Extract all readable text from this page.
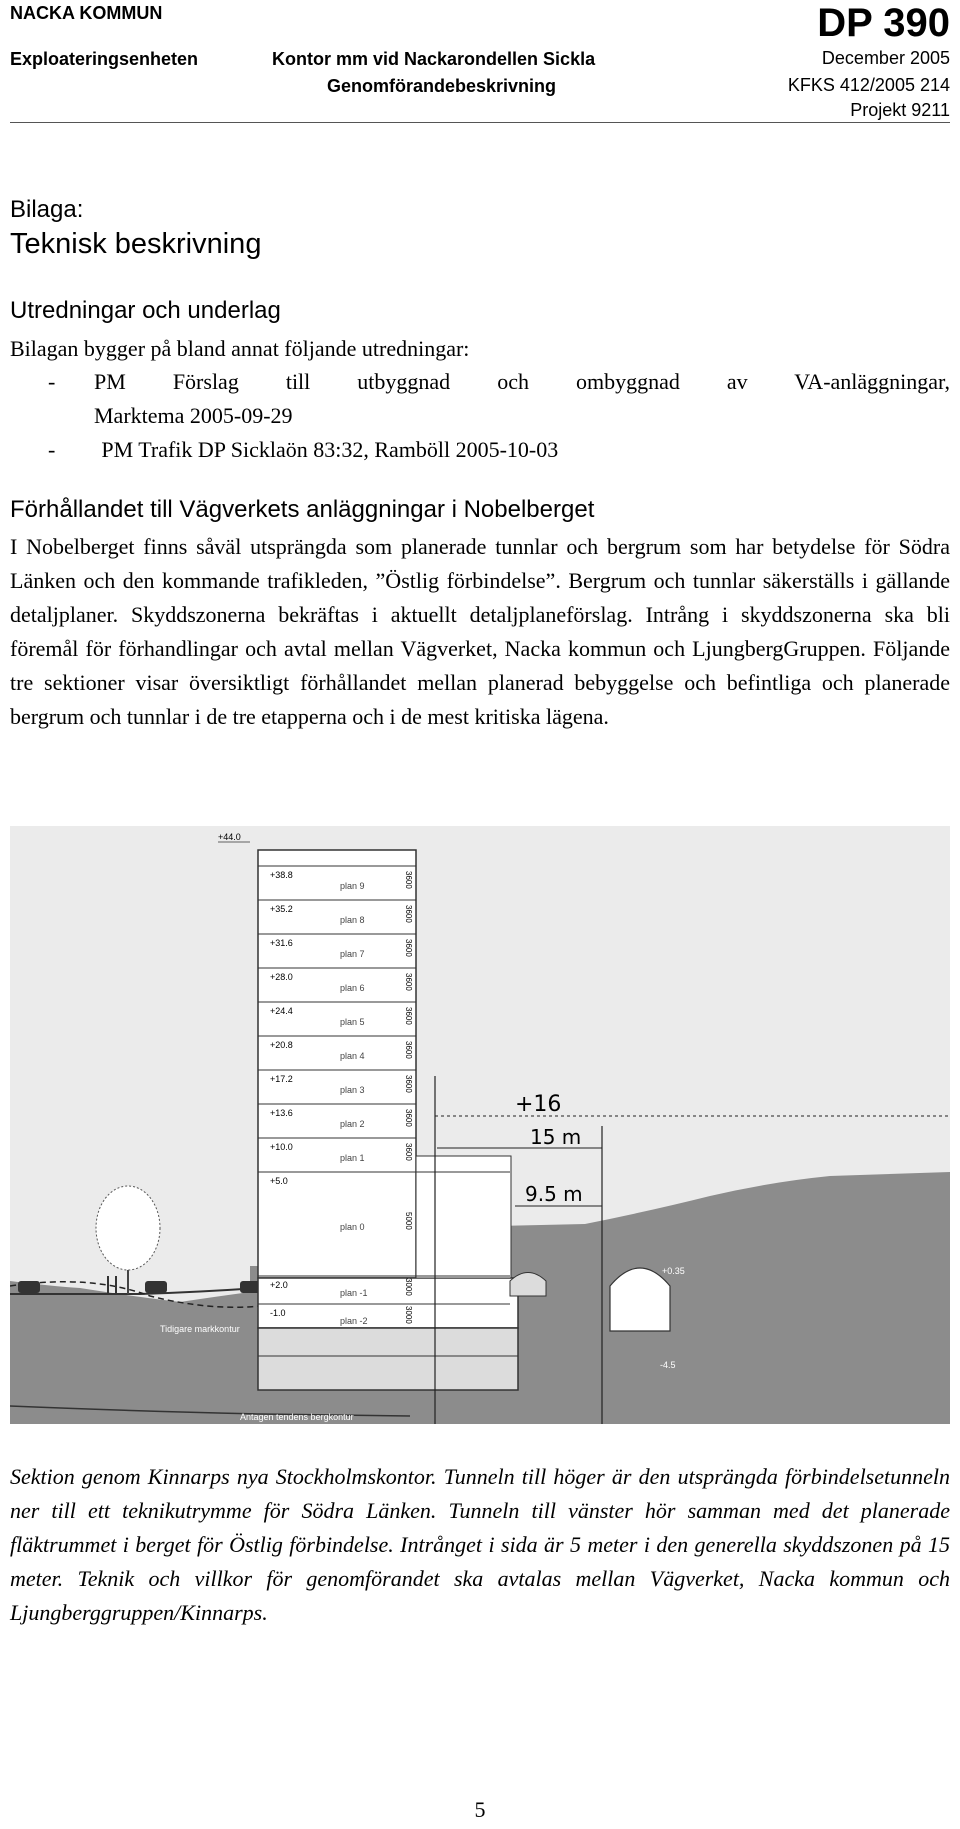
NACKA KOMMUN	DP 390
Exploateringsenheten	Kontor mm vid Nackarondellen Sickla
Genomförandebeskrivning
December 2005
KFKS 412/2005 214
Projekt 9211
Bilaga:
Teknisk beskrivning
Utredningar och underlag
Bilagan bygger på bland annat följande utredningar:
- PM Förslag till utbyggnad och ombyggnad av VA-anläggningar,
Marktema 2005-09-29
- PM Trafik DP Sicklaön 83:32, Ramböll 2005-10-03
Förhållandet till Vägverkets anläggningar i Nobelberget
I Nobelberget finns såväl utsprängda som planerade tunnlar och bergrum som har betydelse för Södra Länken och den kommande trafikleden, ”Östlig förbindelse”. Bergrum och tunnlar säkerställs i gällande detaljplaner. Skyddszonerna bekräftas i aktuellt detaljplaneförslag. Intrång i skyddszonerna ska bli föremål för förhandlingar och avtal mellan Vägverket, Nacka kommun och LjungbergGruppen. Följande tre sektioner visar översiktligt förhållandet mellan planerad bebyggelse och befintliga och planerade bergrum och tunnlar i de tre etapperna och i de mest kritiska lägena.
+38.8
plan 9	3600
+35.2
plan 8	3600
+31.6
plan 7	3600
+28.0
plan 6	3600
+24.4
plan 5	3600
+20.8
plan 4	3600
+17.2
plan 3	3600
+13.6
plan 2	3600
+10.0
plan 1	3600
+5.0
plan 0	5000
+2.0
plan -1	3000
-1.0
plan -2	3000
+44.0
+16
15 m
9.5 m
+0.35
-4.5
Tidigare markkontur
Antagen tendens bergkontur
Sektion genom Kinnarps nya Stockholmskontor. Tunneln till höger är den utsprängda förbindelsetunneln ner till ett teknikutrymme för Södra Länken. Tunneln till vänster hör samman med det planerade fläktrummet i berget för Östlig förbindelse. Intrånget i sida är 5 meter i den generella skyddszonen på 15 meter. Teknik och villkor för genomförandet ska avtalas mellan Vägverket, Nacka kommun och Ljungberggruppen/Kinnarps.
5
